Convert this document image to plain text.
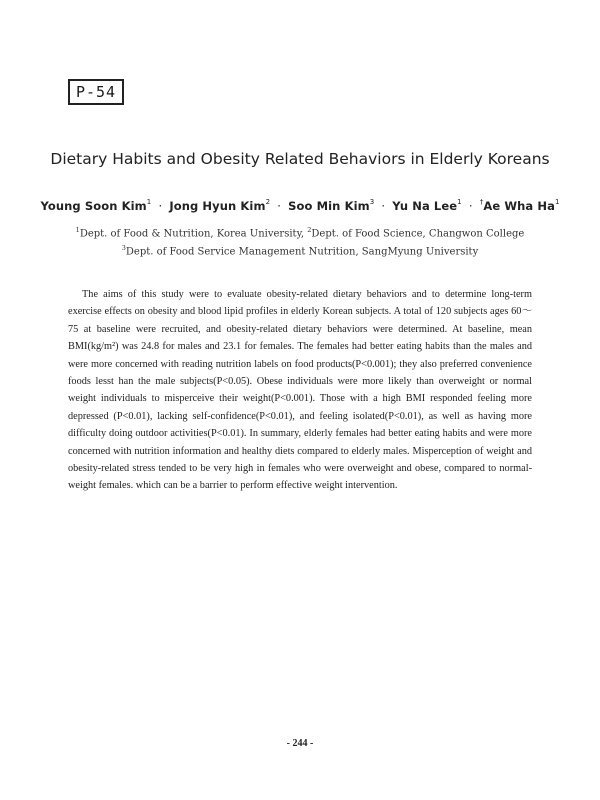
P-54
Dietary Habits and Obesity Related Behaviors in Elderly Koreans
Young Soon Kim$^1$ · Jong Hyun Kim$^2$ · Soo Min Kim$^3$ · Yu Na Lee$^1$ · †Ae Wha Ha$^1$
$^1$Dept. of Food & Nutrition, Korea University, $^2$Dept. of Food Science, Changwon College
$^3$Dept. of Food Service Management Nutrition, SangMyung University

The aims of this study were to evaluate obesity-related dietary behaviors and to determine long-term exercise effects on obesity and blood lipid profiles in elderly Korean subjects. A total of 120 subjects ages 60～75 at baseline were recruited, and obesity-related dietary behaviors were determined. At baseline, mean BMI(kg/m²) was 24.8 for males and 23.1 for females. The females had better eating habits than the males and were more concerned with reading nutrition labels on food products(P<0.001); they also preferred convenience foods lesst han the male subjects(P<0.05). Obese individuals were more likely than overweight or normal weight individuals to misperceive their weight(P<0.001). Those with a high BMI responded feeling more depressed (P<0.01), lacking self-confidence(P<0.01), and feeling isolated(P<0.01), as well as having more difficulty doing outdoor activities(P<0.01). In summary, elderly females had better eating habits and were more concerned with nutrition information and healthy diets compared to elderly males. Misperception of weight and obesity-related stress tended to be very high in females who were overweight and obese, compared to normal-weight females. which can be a barrier to perform effective weight intervention.

- 244 -
